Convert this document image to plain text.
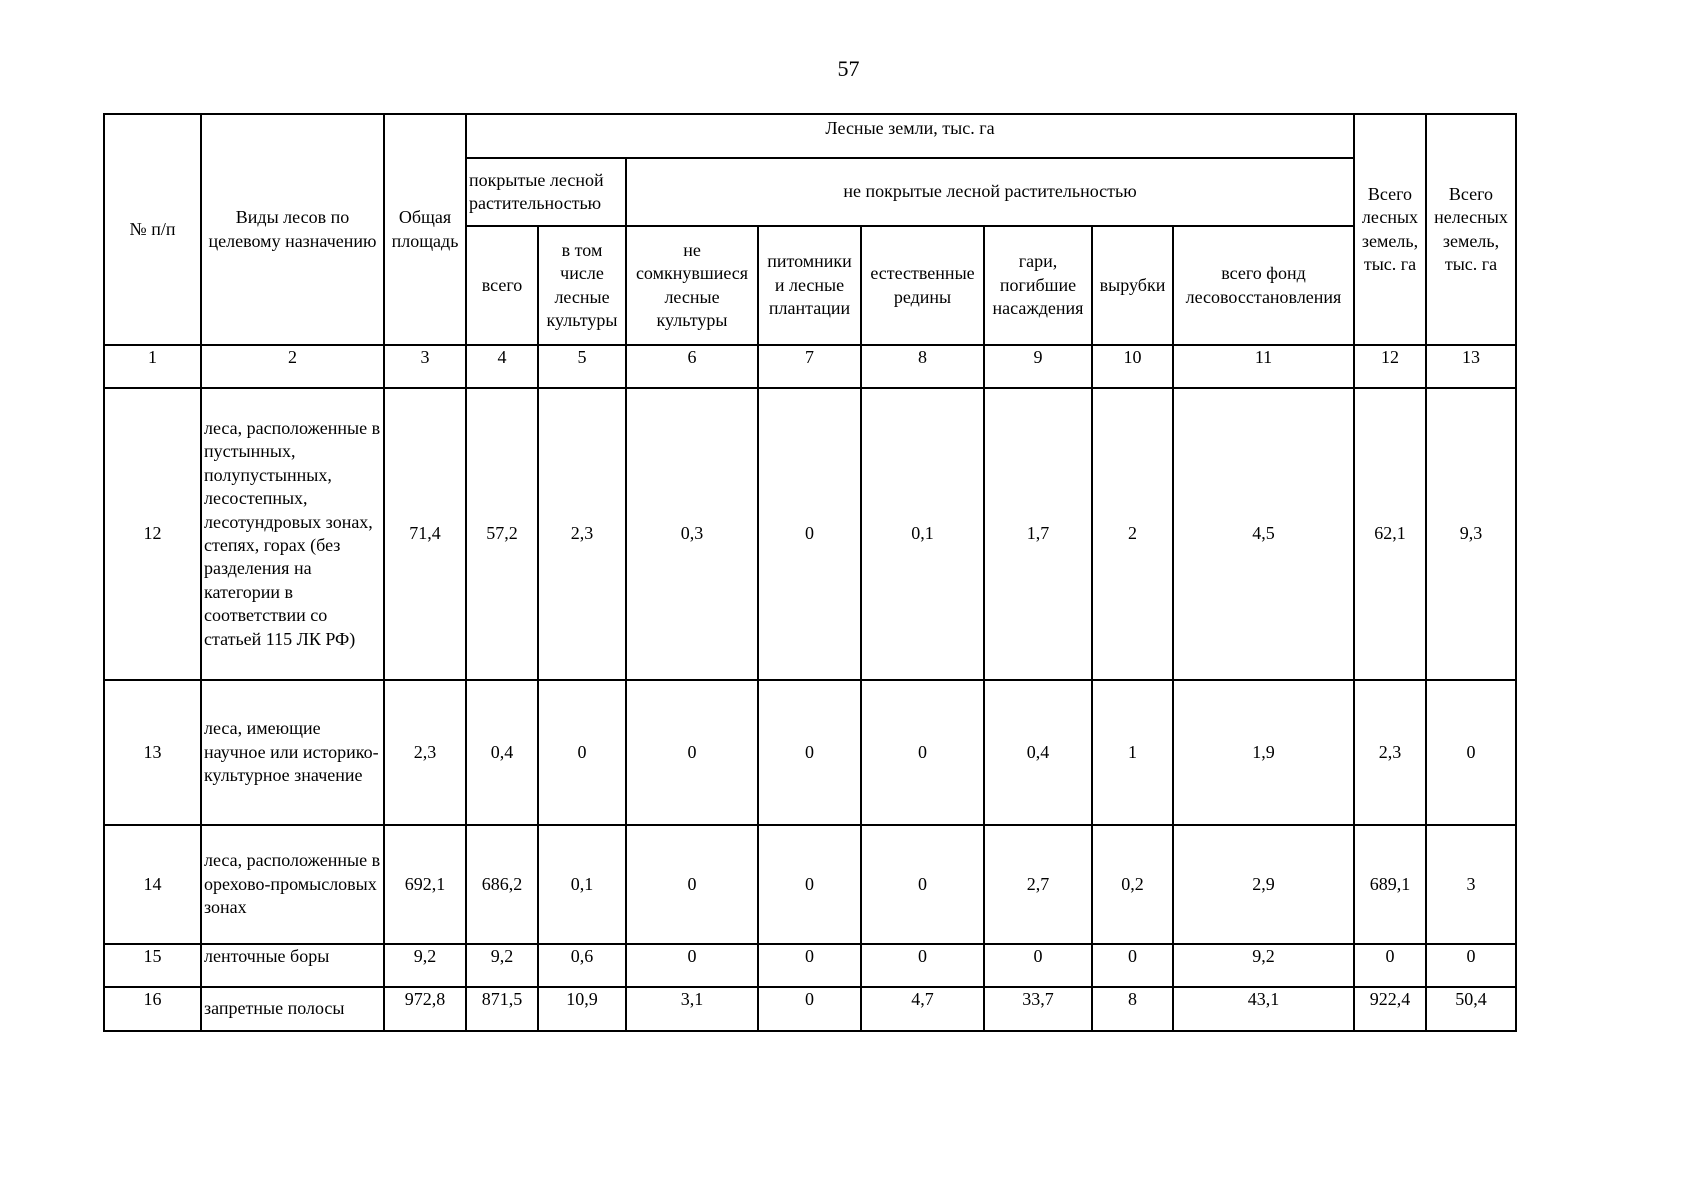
57
№ п/п	Виды лесов по целевому назначению	Общая площадь	Лесные земли, тыс. га								Всего лесных земель, тыс. га	Всего нелесных земель, тыс. га
			покрытые лесной растительностью		не покрытые лесной растительностью							
			всего	в том числе лесные культуры	не сомкнувшиеся лесные культуры	питомники и лесные плантации	естественные редины	гари, погибшие насаждения	вырубки	всего фонд лесовосстановления		
1	2	3	4	5	6	7	8	9	10	11	12	13
12	леса, расположенные в пустынных, полупустынных, лесостепных, лесотундровых зонах, степях, горах (без разделения на категории в соответствии со статьей 115 ЛК РФ)	71,4	57,2	2,3	0,3	0	0,1	1,7	2	4,5	62,1	9,3
13	леса, имеющие научное или историко-культурное значение	2,3	0,4	0	0	0	0	0,4	1	1,9	2,3	0
14	леса, расположенные в орехово-промысловых зонах	692,1	686,2	0,1	0	0	0	2,7	0,2	2,9	689,1	3
15	ленточные боры	9,2	9,2	0,6	0	0	0	0	0	9,2	0	0
16	запретные полосы	972,8	871,5	10,9	3,1	0	4,7	33,7	8	43,1	922,4	50,4
